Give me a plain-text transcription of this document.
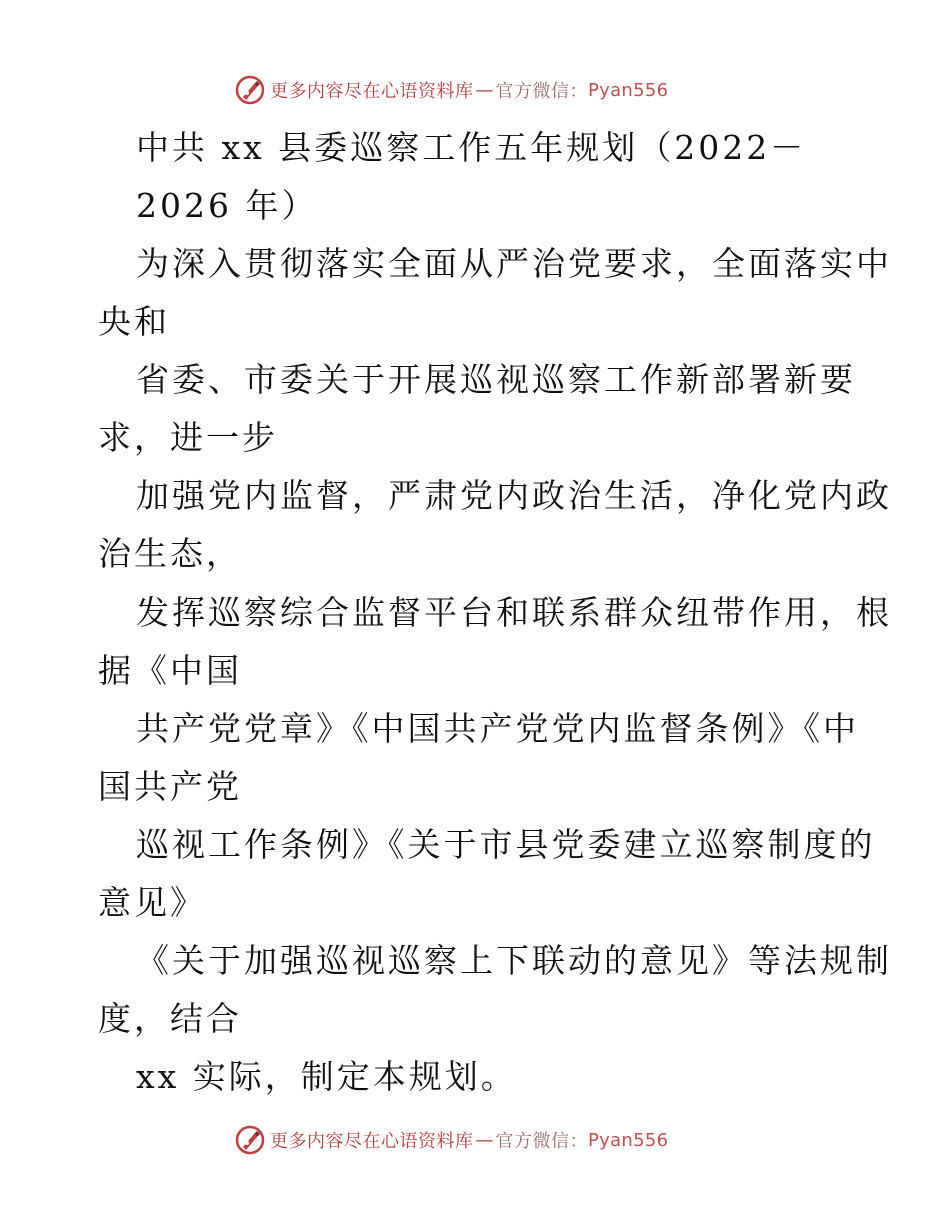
更多内容尽在心语资料库 — 官方微信： Pyan556
中共 xx 县委巡察工作五年规划（2022－
2026 年）
为深入贯彻落实全面从严治党要求，全面落实中
央和
省委、市委关于开展巡视巡察工作新部署新要
求，进一步
加强党内监督，严肃党内政治生活，净化党内政
治生态，
发挥巡察综合监督平台和联系群众纽带作用，根
据《中国
共产党党章》《中国共产党党内监督条例》《中
国共产党
巡视工作条例》《关于市县党委建立巡察制度的
意见》
《关于加强巡视巡察上下联动的意见》等法规制
度，结合
xx 实际，制定本规划。
更多内容尽在心语资料库 — 官方微信： Pyan556
